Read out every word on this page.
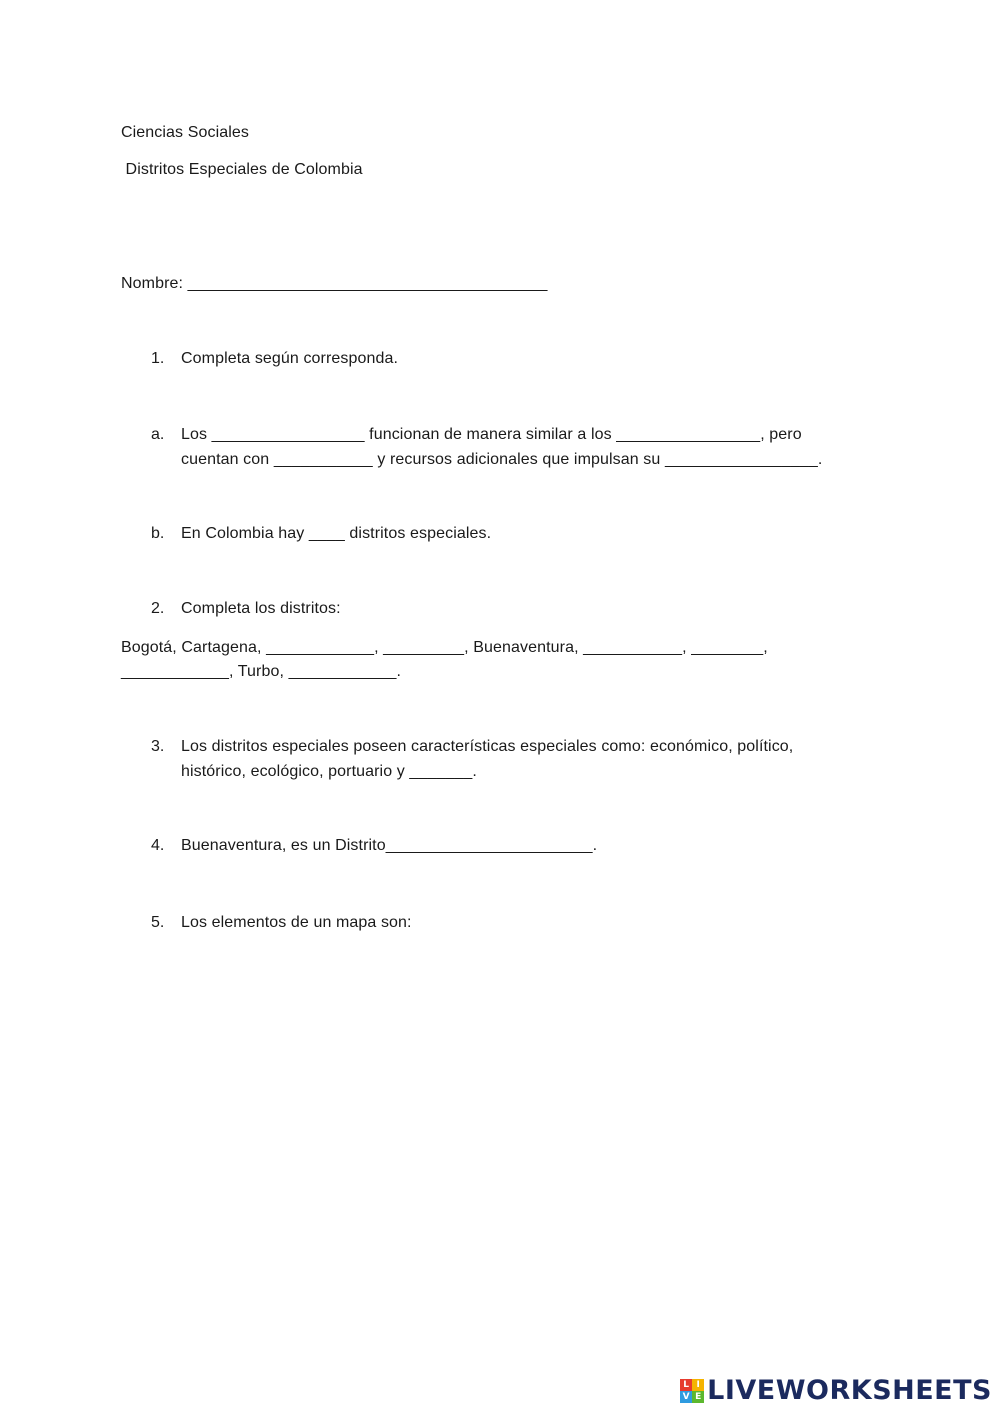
Ciencias Sociales
Distritos Especiales de Colombia
Nombre: ________________________________________
1. Completa según corresponda.
a. Los _________________ funcionan de manera similar a los ________________, pero
cuentan con ___________ y recursos adicionales que impulsan su _________________.
b. En Colombia hay ____ distritos especiales.
2. Completa los distritos:
Bogotá, Cartagena, ____________, _________, Buenaventura, ___________, ________,
____________, Turbo, ____________.
3. Los distritos especiales poseen características especiales como: económico, político,
histórico, ecológico, portuario y _______.
4. Buenaventura, es un Distrito_______________________.
5. Los elementos de un mapa son:
L I
V E LIVEWORKSHEETS
